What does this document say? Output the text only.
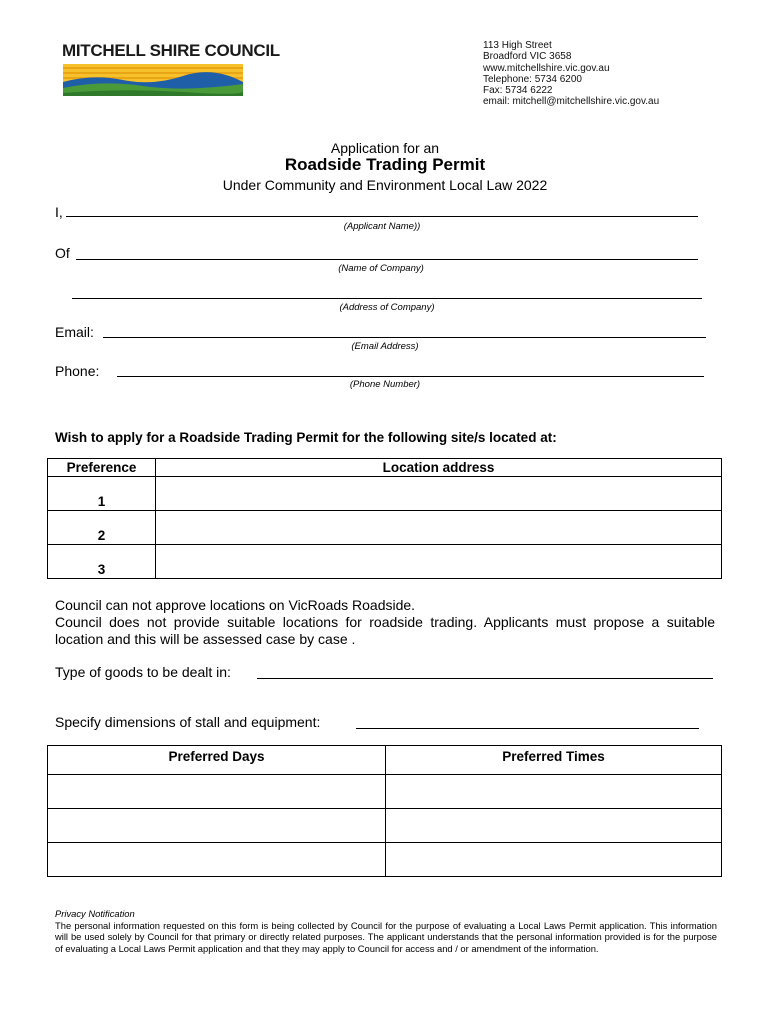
MITCHELL SHIRE COUNCIL	113 High Street
Broadford VIC 3658
www.mitchellshire.vic.gov.au
Telephone: 5734 6200
Fax: 5734 6222
email: mitchell@mitchellshire.vic.gov.au
Application for an
Roadside Trading Permit
Under Community and Environment Local Law 2022
I,
(Applicant Name))
Of
(Name of Company)
(Address of Company)
Email:
(Email Address)
Phone:
(Phone Number)
Wish to apply for a Roadside Trading Permit for the following site/s located at:
Preference	Location address
1	
2	
3	
Council can not approve locations on VicRoads Roadside.
Council does not provide suitable locations for roadside trading. Applicants must propose a suitable location and this will be assessed case by case .
Type of goods to be dealt in:
Specify dimensions of stall and equipment:
Preferred Days	Preferred Times

Privacy Notification
The personal information requested on this form is being collected by Council for the purpose of evaluating a Local Laws Permit application. This information will be used solely by Council for that primary or directly related purposes. The applicant understands that the personal information provided is for the purpose of evaluating a Local Laws Permit application and that they may apply to Council for access and / or amendment of the information.
